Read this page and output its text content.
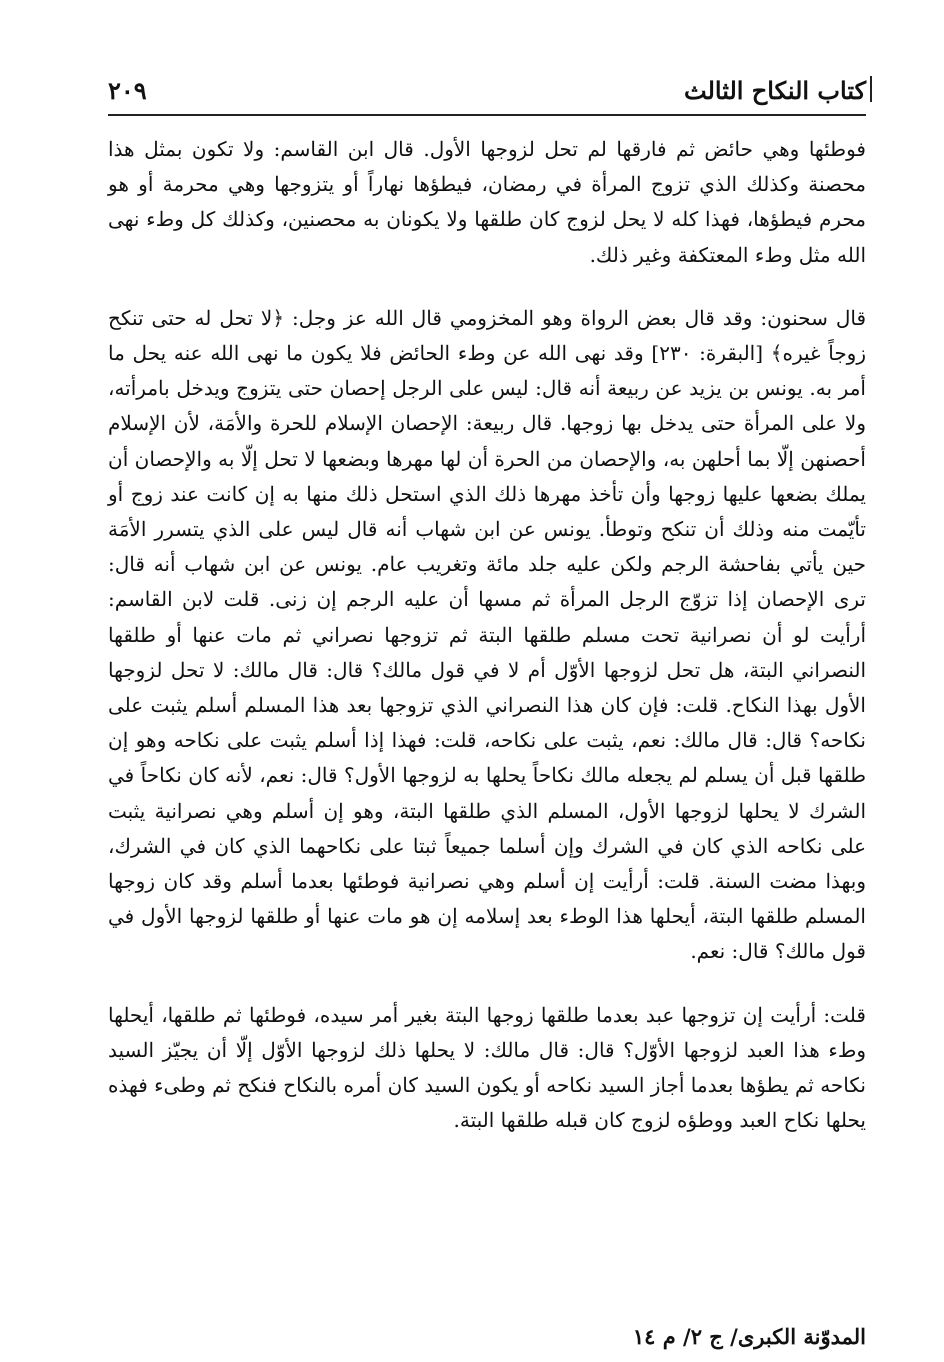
كتاب النكاح الثالث
٢٠٩

فوطئها وهي حائض ثم فارقها لم تحل لزوجها الأول. قال ابن القاسم: ولا تكون بمثل هذا محصنة وكذلك الذي تزوج المرأة في رمضان، فيطؤها نهاراً أو يتزوجها وهي محرمة أو هو محرم فيطؤها، فهذا كله لا يحل لزوج كان طلقها ولا يكونان به محصنين، وكذلك كل وطء نهى الله مثل وطء المعتكفة وغير ذلك.

قال سحنون: وقد قال بعض الرواة وهو المخزومي قال الله عز وجل: ﴿لا تحل له حتى تنكح زوجاً غيره﴾ [البقرة: ٢٣٠] وقد نهى الله عن وطء الحائض فلا يكون ما نهى الله عنه يحل ما أمر به. يونس بن يزيد عن ربيعة أنه قال: ليس على الرجل إحصان حتى يتزوج ويدخل بامرأته، ولا على المرأة حتى يدخل بها زوجها. قال ربيعة: الإحصان الإسلام للحرة والأمَة، لأن الإسلام أحصنهن إلّا بما أحلهن به، والإحصان من الحرة أن لها مهرها وبضعها لا تحل إلّا به والإحصان أن يملك بضعها عليها زوجها وأن تأخذ مهرها ذلك الذي استحل ذلك منها به إن كانت عند زوج أو تأيّمت منه وذلك أن تنكح وتوطأ. يونس عن ابن شهاب أنه قال ليس على الذي يتسرر الأمَة حين يأتي بفاحشة الرجم ولكن عليه جلد مائة وتغريب عام. يونس عن ابن شهاب أنه قال: ترى الإحصان إذا تزوّج الرجل المرأة ثم مسها أن عليه الرجم إن زنى. قلت لابن القاسم: أرأيت لو أن نصرانية تحت مسلم طلقها البتة ثم تزوجها نصراني ثم مات عنها أو طلقها النصراني البتة، هل تحل لزوجها الأوّل أم لا في قول مالك؟ قال: قال مالك: لا تحل لزوجها الأول بهذا النكاح. قلت: فإن كان هذا النصراني الذي تزوجها بعد هذا المسلم أسلم يثبت على نكاحه؟ قال: قال مالك: نعم، يثبت على نكاحه، قلت: فهذا إذا أسلم يثبت على نكاحه وهو إن طلقها قبل أن يسلم لم يجعله مالك نكاحاً يحلها به لزوجها الأول؟ قال: نعم، لأنه كان نكاحاً في الشرك لا يحلها لزوجها الأول، المسلم الذي طلقها البتة، وهو إن أسلم وهي نصرانية يثبت على نكاحه الذي كان في الشرك وإن أسلما جميعاً ثبتا على نكاحهما الذي كان في الشرك، وبهذا مضت السنة. قلت: أرأيت إن أسلم وهي نصرانية فوطئها بعدما أسلم وقد كان زوجها المسلم طلقها البتة، أيحلها هذا الوطء بعد إسلامه إن هو مات عنها أو طلقها لزوجها الأول في قول مالك؟ قال: نعم.

قلت: أرأيت إن تزوجها عبد بعدما طلقها زوجها البتة بغير أمر سيده، فوطئها ثم طلقها، أيحلها وطء هذا العبد لزوجها الأوّل؟ قال: قال مالك: لا يحلها ذلك لزوجها الأوّل إلّا أن يجيّز السيد نكاحه ثم يطؤها بعدما أجاز السيد نكاحه أو يكون السيد كان أمره بالنكاح فنكح ثم وطىء فهذه يحلها نكاح العبد ووطؤه لزوج كان قبله طلقها البتة.

المدوّنة الكبرى/ ج ٢/ م ١٤
